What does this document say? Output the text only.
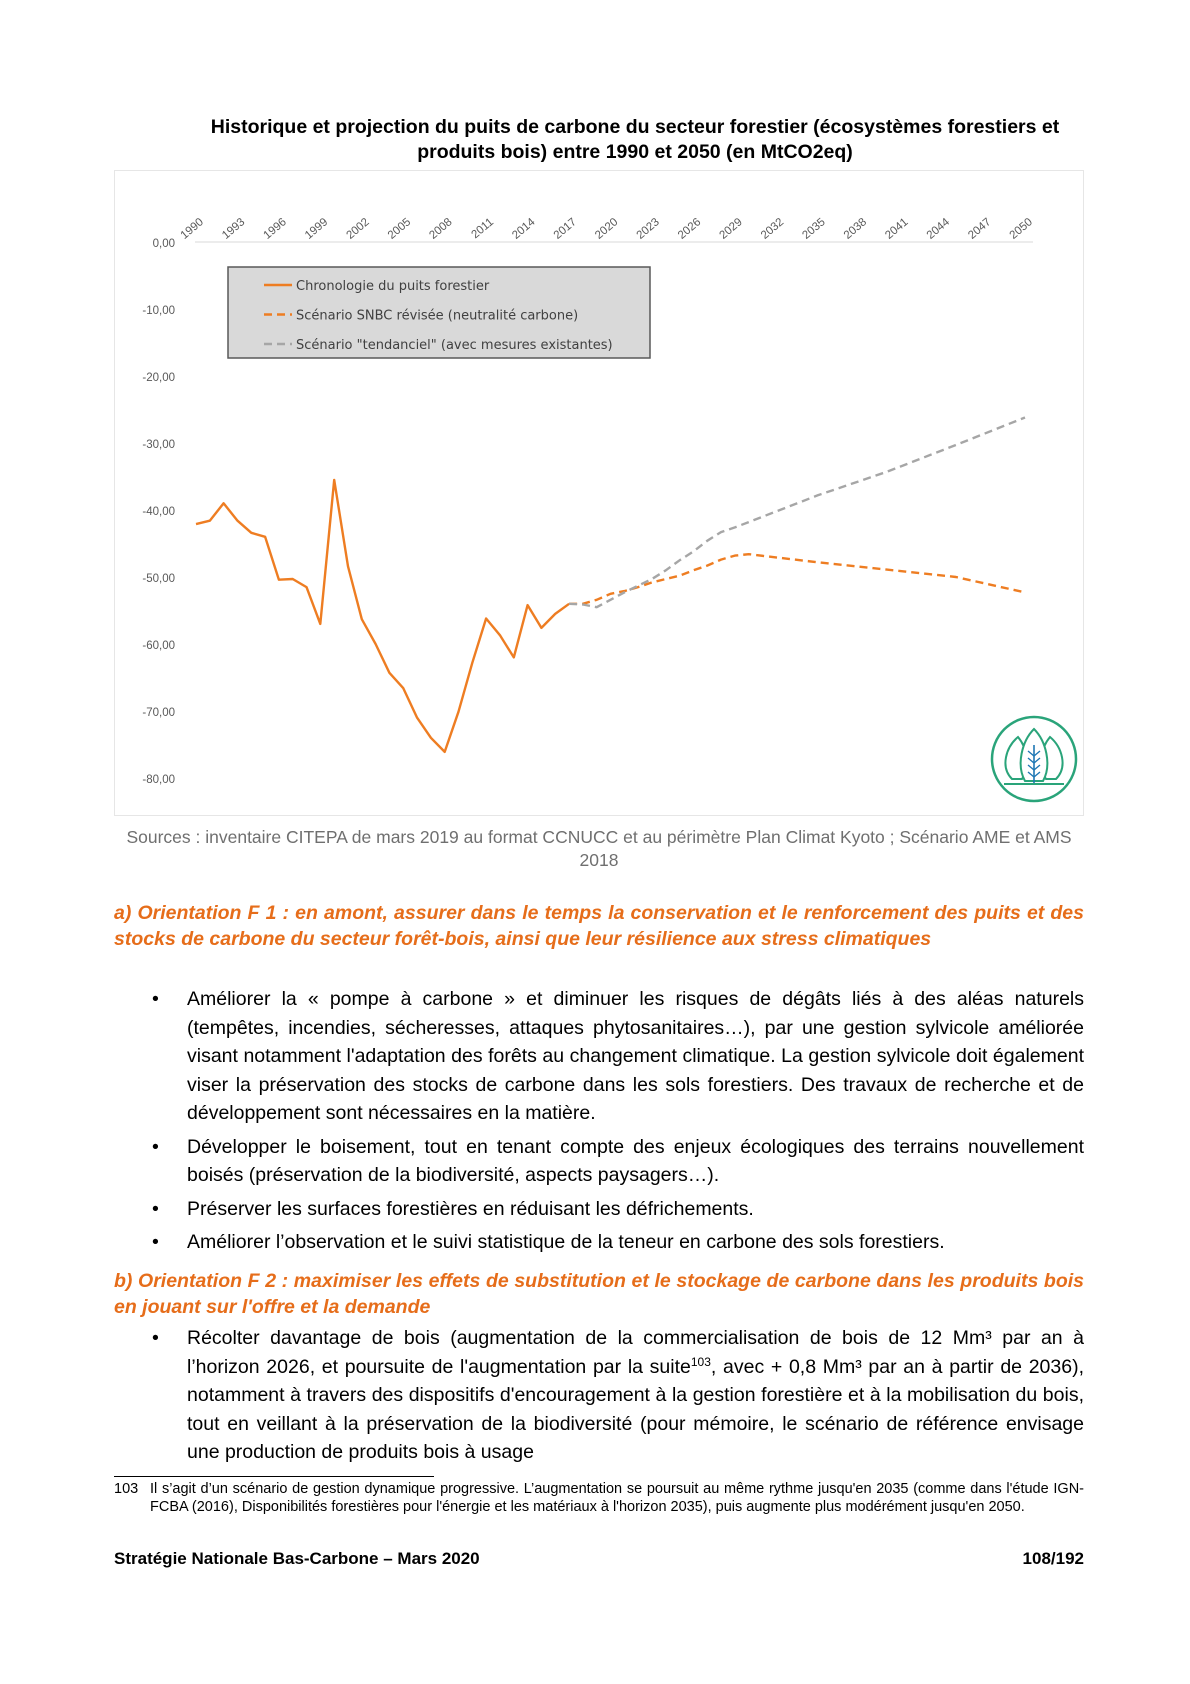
Historique et projection du puits de carbone du secteur forestier (écosystèmes forestiers et produits bois) entre 1990 et 2050 (en MtCO2eq)
0,00
-10,00
-20,00
-30,00
-40,00
-50,00
-60,00
-70,00
-80,00
1990 1993 1996 1999 2002 2005 2008 2011 2014 2017 2020 2023 2026 2029 2032 2035 2038 2041 2044 2047 2050
Chronologie du puits forestier
Scénario SNBC révisée (neutralité carbone)
Scénario "tendanciel" (avec mesures existantes)
Sources : inventaire CITEPA de mars 2019 au format CCNUCC et au périmètre Plan Climat Kyoto ; Scénario AME et AMS 2018
a) Orientation F 1 : en amont, assurer dans le temps la conservation et le renforcement des puits et des stocks de carbone du secteur forêt-bois, ainsi que leur résilience aux stress climatiques
• Améliorer la « pompe à carbone » et diminuer les risques de dégâts liés à des aléas naturels (tempêtes, incendies, sécheresses, attaques phytosanitaires…), par une gestion sylvicole améliorée visant notamment l'adaptation des forêts au changement climatique. La gestion sylvicole doit également viser la préservation des stocks de carbone dans les sols forestiers. Des travaux de recherche et de développement sont nécessaires en la matière.
• Développer le boisement, tout en tenant compte des enjeux écologiques des terrains nouvellement boisés (préservation de la biodiversité, aspects paysagers…).
• Préserver les surfaces forestières en réduisant les défrichements.
• Améliorer l’observation et le suivi statistique de la teneur en carbone des sols forestiers.
b) Orientation F 2 : maximiser les effets de substitution et le stockage de carbone dans les produits bois en jouant sur l'offre et la demande
• Récolter davantage de bois (augmentation de la commercialisation de bois de 12 Mm³ par an à l’horizon 2026, et poursuite de l'augmentation par la suite$^{103}$, avec + 0,8 Mm³ par an à partir de 2036), notamment à travers des dispositifs d'encouragement à la gestion forestière et à la mobilisation du bois, tout en veillant à la préservation de la biodiversité (pour mémoire, le scénario de référence envisage une production de produits bois à usage
103 Il s’agit d’un scénario de gestion dynamique progressive. L’augmentation se poursuit au même rythme jusqu'en 2035 (comme dans l'étude IGN-FCBA (2016), Disponibilités forestières pour l'énergie et les matériaux à l'horizon 2035), puis augmente plus modérément jusqu'en 2050.
Stratégie Nationale Bas-Carbone – Mars 2020	108/192
